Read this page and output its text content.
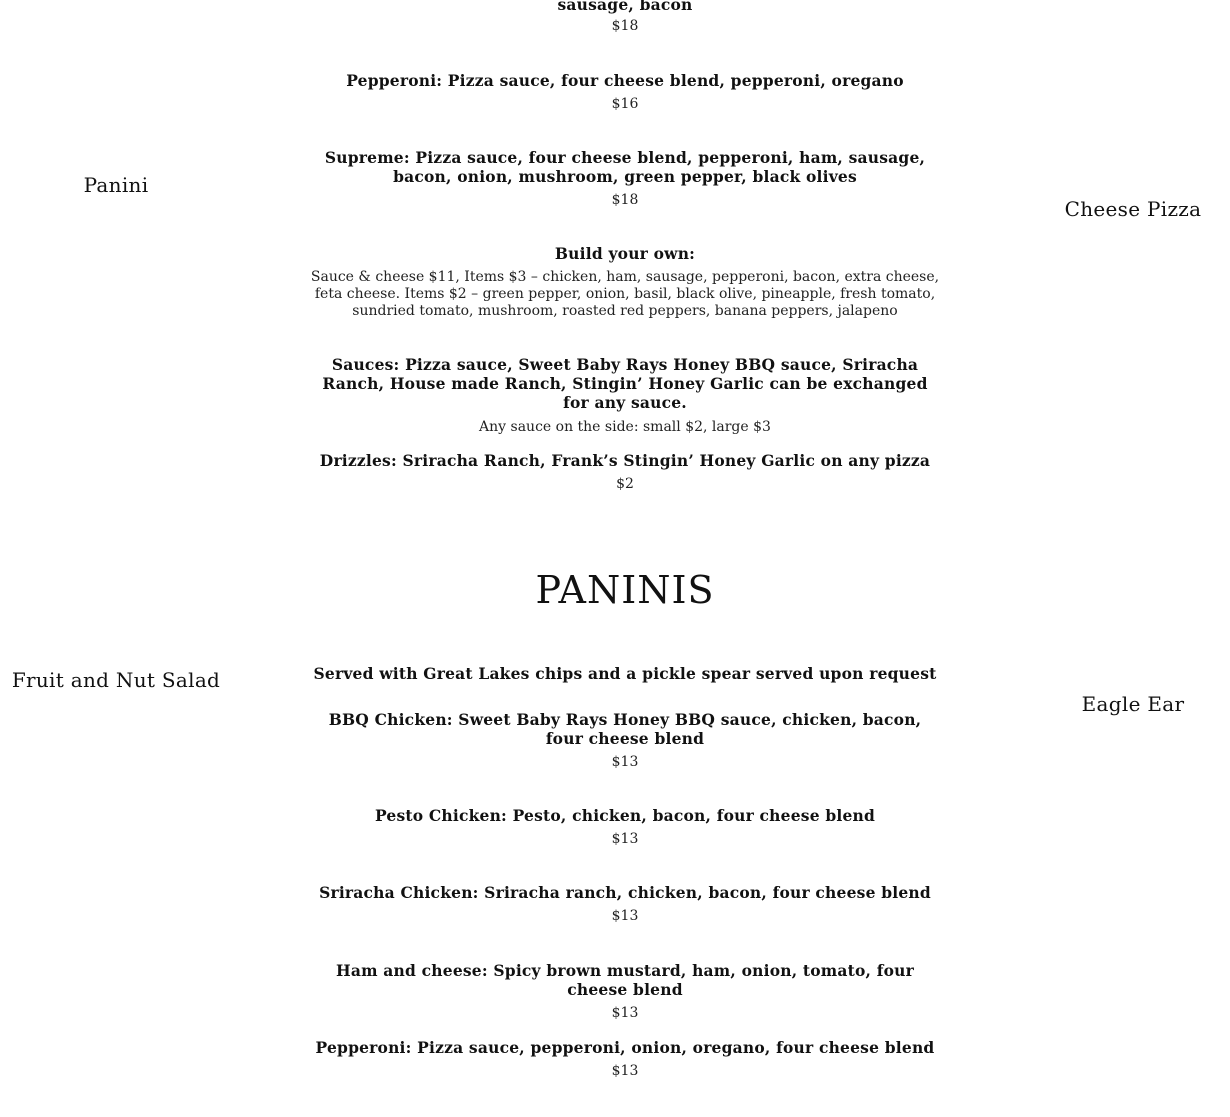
Panini
Cheese Pizza
Fruit and Nut Salad
Eagle Ear

sausage, bacon

$18

Pepperoni: Pizza sauce, four cheese blend, pepperoni, oregano

$16

Supreme: Pizza sauce, four cheese blend, pepperoni, ham, sausage, bacon, onion, mushroom, green pepper, black olives

$18

Build your own:

Sauce & cheese $11, Items $3 – chicken, ham, sausage, pepperoni, bacon, extra cheese, feta cheese. Items $2 – green pepper, onion, basil, black olive, pineapple, fresh tomato, sundried tomato, mushroom, roasted red peppers, banana peppers, jalapeno

Sauces: Pizza sauce, Sweet Baby Rays Honey BBQ sauce, Sriracha Ranch, House made Ranch, Stingin’ Honey Garlic can be exchanged for any sauce.

Any sauce on the side: small $2, large $3

Drizzles: Sriracha Ranch, Frank’s Stingin’ Honey Garlic on any pizza

$2

PANINIS

Served with Great Lakes chips and a pickle spear served upon request

BBQ Chicken: Sweet Baby Rays Honey BBQ sauce, chicken, bacon, four cheese blend

$13

Pesto Chicken: Pesto, chicken, bacon, four cheese blend

$13

Sriracha Chicken: Sriracha ranch, chicken, bacon, four cheese blend

$13

Ham and cheese: Spicy brown mustard, ham, onion, tomato, four cheese blend

$13

Pepperoni: Pizza sauce, pepperoni, onion, oregano, four cheese blend

$13
